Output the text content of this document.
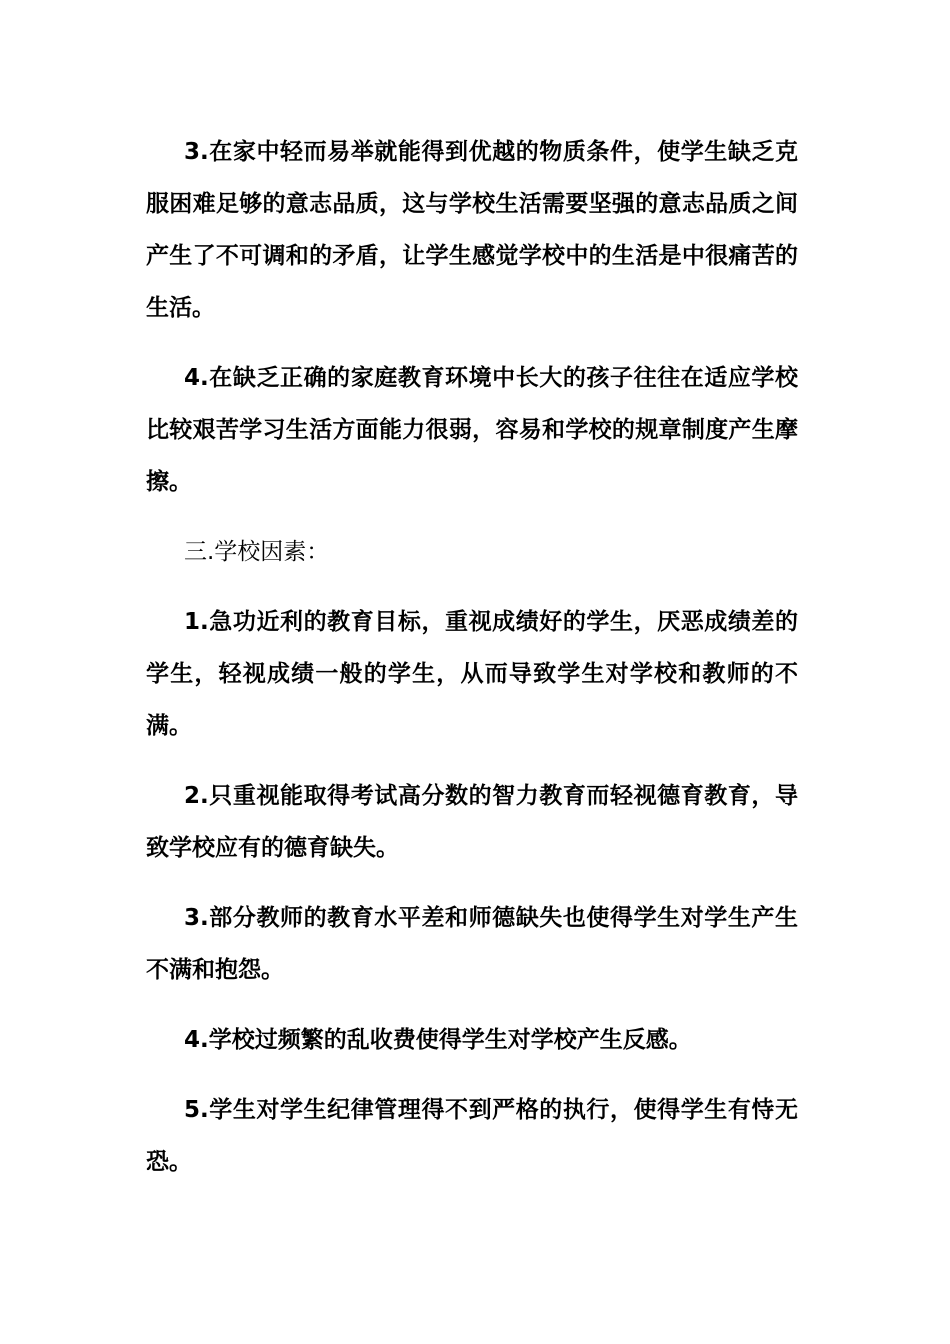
3.在家中轻而易举就能得到优越的物质条件，使学生缺乏克服困难足够的意志品质，这与学校生活需要坚强的意志品质之间产生了不可调和的矛盾，让学生感觉学校中的生活是中很痛苦的生活。

4.在缺乏正确的家庭教育环境中长大的孩子往往在适应学校比较艰苦学习生活方面能力很弱，容易和学校的规章制度产生摩擦。

三.学校因素：

1.急功近利的教育目标，重视成绩好的学生，厌恶成绩差的学生，轻视成绩一般的学生，从而导致学生对学校和教师的不满。

2.只重视能取得考试高分数的智力教育而轻视德育教育，导致学校应有的德育缺失。

3.部分教师的教育水平差和师德缺失也使得学生对学生产生不满和抱怨。

4.学校过频繁的乱收费使得学生对学校产生反感。

5.学生对学生纪律管理得不到严格的执行，使得学生有恃无恐。
